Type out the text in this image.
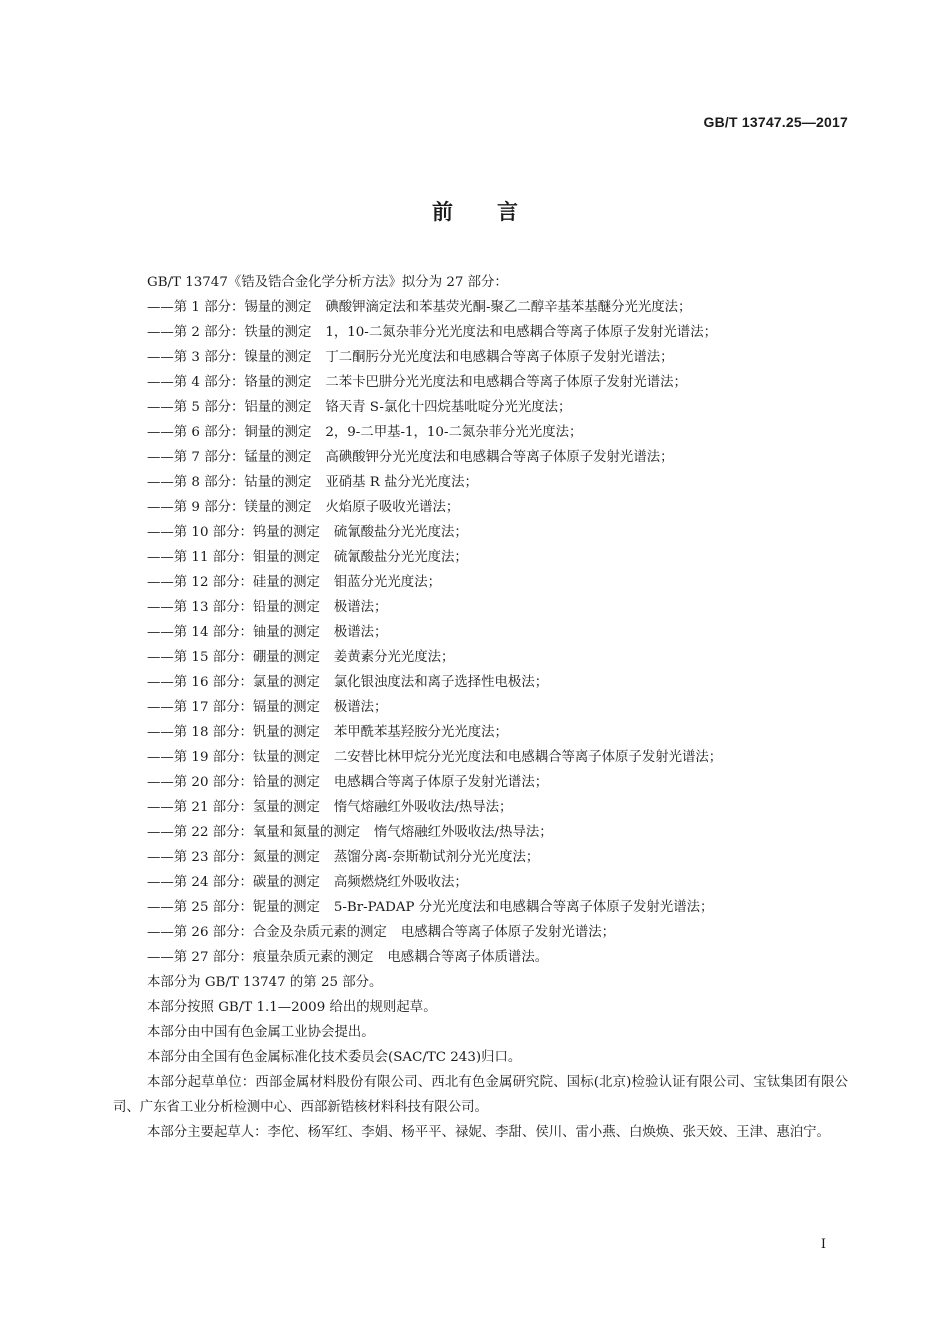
GB/T 13747.25—2017
前言

GB/T 13747《锆及锆合金化学分析方法》拟分为 27 部分：

——第 1 部分：锡量的测定 碘酸钾滴定法和苯基荧光酮-聚乙二醇辛基苯基醚分光光度法；

——第 2 部分：铁量的测定 1，10-二氮杂菲分光光度法和电感耦合等离子体原子发射光谱法；

——第 3 部分：镍量的测定 丁二酮肟分光光度法和电感耦合等离子体原子发射光谱法；

——第 4 部分：铬量的测定 二苯卡巴肼分光光度法和电感耦合等离子体原子发射光谱法；

——第 5 部分：铝量的测定 铬天青 S-氯化十四烷基吡啶分光光度法；

——第 6 部分：铜量的测定 2，9-二甲基-1，10-二氮杂菲分光光度法；

——第 7 部分：锰量的测定 高碘酸钾分光光度法和电感耦合等离子体原子发射光谱法；

——第 8 部分：钴量的测定 亚硝基 R 盐分光光度法；

——第 9 部分：镁量的测定 火焰原子吸收光谱法；

——第 10 部分：钨量的测定 硫氰酸盐分光光度法；

——第 11 部分：钼量的测定 硫氰酸盐分光光度法；

——第 12 部分：硅量的测定 钼蓝分光光度法；

——第 13 部分：铅量的测定 极谱法；

——第 14 部分：铀量的测定 极谱法；

——第 15 部分：硼量的测定 姜黄素分光光度法；

——第 16 部分：氯量的测定 氯化银浊度法和离子选择性电极法；

——第 17 部分：镉量的测定 极谱法；

——第 18 部分：钒量的测定 苯甲酰苯基羟胺分光光度法；

——第 19 部分：钛量的测定 二安替比林甲烷分光光度法和电感耦合等离子体原子发射光谱法；

——第 20 部分：铪量的测定 电感耦合等离子体原子发射光谱法；

——第 21 部分：氢量的测定 惰气熔融红外吸收法/热导法；

——第 22 部分：氧量和氮量的测定 惰气熔融红外吸收法/热导法；

——第 23 部分：氮量的测定 蒸馏分离-奈斯勒试剂分光光度法；

——第 24 部分：碳量的测定 高频燃烧红外吸收法；

——第 25 部分：铌量的测定 5-Br-PADAP 分光光度法和电感耦合等离子体原子发射光谱法；

——第 26 部分：合金及杂质元素的测定 电感耦合等离子体原子发射光谱法；

——第 27 部分：痕量杂质元素的测定 电感耦合等离子体质谱法。

本部分为 GB/T 13747 的第 25 部分。

本部分按照 GB/T 1.1—2009 给出的规则起草。

本部分由中国有色金属工业协会提出。

本部分由全国有色金属标准化技术委员会(SAC/TC 243)归口。

本部分起草单位：西部金属材料股份有限公司、西北有色金属研究院、国标(北京)检验认证有限公司、宝钛集团有限公司、广东省工业分析检测中心、西部新锆核材料科技有限公司。

本部分主要起草人：李佗、杨军红、李娟、杨平平、禄妮、李甜、侯川、雷小燕、白焕焕、张天姣、王津、惠泊宁。

I
